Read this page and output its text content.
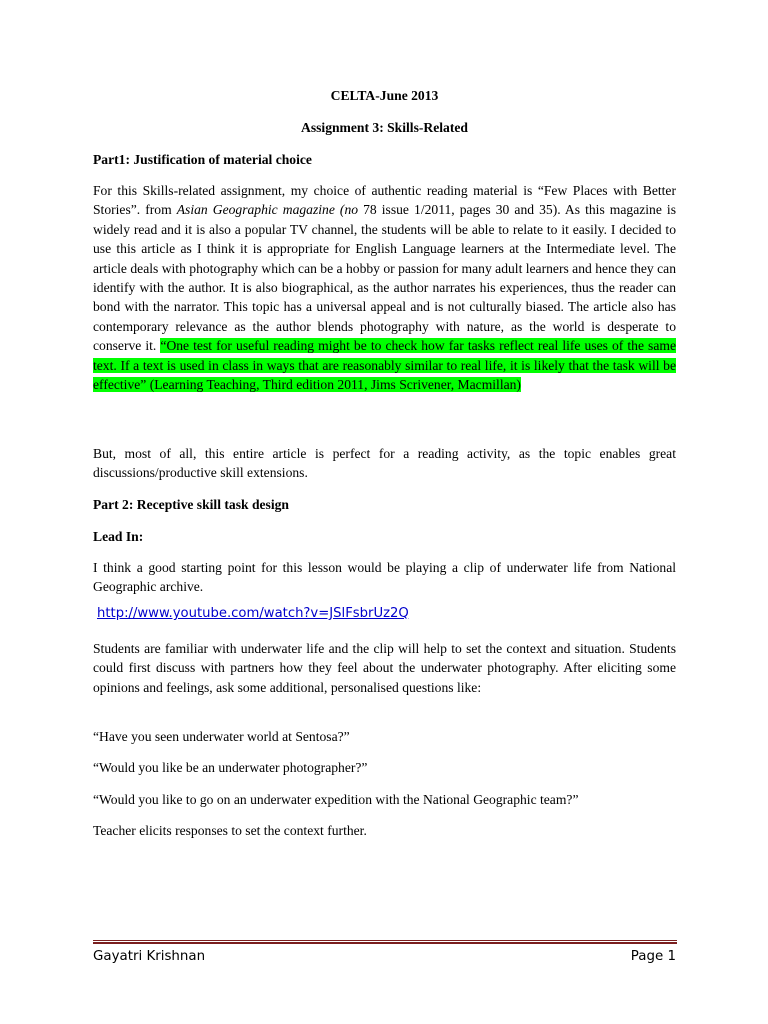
CELTA-June 2013
Assignment 3: Skills-Related
Part1: Justification of material choice
For this Skills-related assignment, my choice of authentic reading material is “Few Places with Better Stories”. from Asian Geographic magazine (no 78 issue 1/2011, pages 30 and 35). As this magazine is widely read and it is also a popular TV channel, the students will be able to relate to it easily. I decided to use this article as I think it is appropriate for English Language learners at the Intermediate level. The article deals with photography which can be a hobby or passion for many adult learners and hence they can identify with the author. It is also biographical, as the author narrates his experiences, thus the reader can bond with the narrator. This topic has a universal appeal and is not culturally biased. The article also has contemporary relevance as the author blends photography with nature, as the world is desperate to conserve it. “One test for useful reading might be to check how far tasks reflect real life uses of the same text. If a text is used in class in ways that are reasonably similar to real life, it is likely that the task will be effective” (Learning Teaching, Third edition 2011, Jims Scrivener, Macmillan)
But, most of all, this entire article is perfect for a reading activity, as the topic enables great discussions/productive skill extensions.
Part 2: Receptive skill task design
Lead In:
I think a good starting point for this lesson would be playing a clip of underwater life from National Geographic archive.
http://www.youtube.com/watch?v=JSlFsbrUz2Q
Students are familiar with underwater life and the clip will help to set the context and situation. Students could first discuss with partners how they feel about the underwater photography. After eliciting some opinions and feelings, ask some additional, personalised questions like:
“Have you seen underwater world at Sentosa?”
“Would you like be an underwater photographer?”
“Would you like to go on an underwater expedition with the National Geographic team?”
Teacher elicits responses to set the context further.
Gayatri Krishnan	Page 1
